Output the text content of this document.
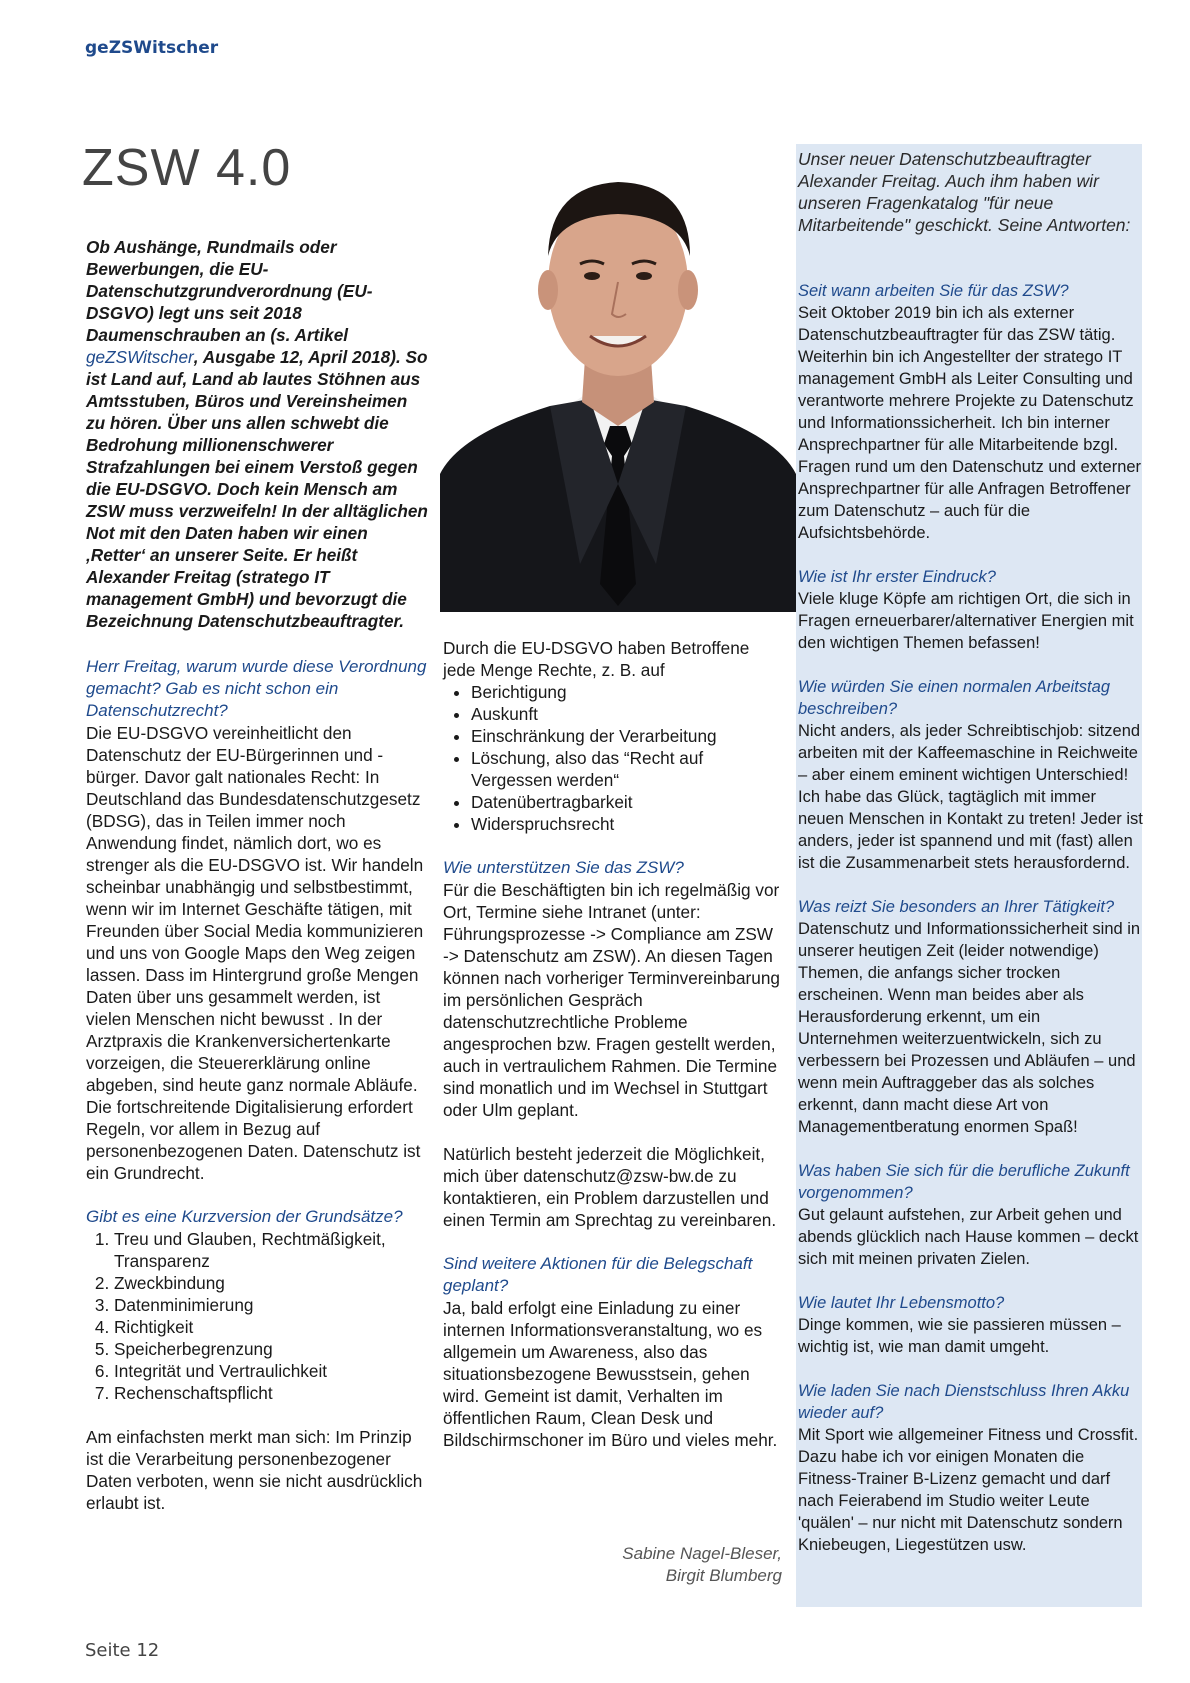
geZSWitscher
ZSW 4.0

Ob Aushänge, Rundmails oder Bewerbungen, die EU-Datenschutzgrundverordnung (EU-DSGVO) legt uns seit 2018 Daumenschrauben an (s. Artikel geZSWitscher, Ausgabe 12, April 2018). So ist Land auf, Land ab lautes Stöhnen aus Amtsstuben, Büros und Vereinsheimen zu hören. Über uns allen schwebt die Bedrohung millionenschwerer Strafzahlungen bei einem Verstoß gegen die EU-DSGVO. Doch kein Mensch am ZSW muss verzweifeln! In der alltäglichen Not mit den Daten haben wir einen ‚Retter‘ an unserer Seite. Er heißt Alexander Freitag (stratego IT management GmbH) und bevorzugt die Bezeichnung Datenschutzbeauftragter.

Herr Freitag, warum wurde diese Verordnung gemacht? Gab es nicht schon ein Datenschutzrecht?

Die EU-DSGVO vereinheitlicht den Datenschutz der EU-Bürgerinnen und -bürger. Davor galt nationales Recht: In Deutschland das Bundesdatenschutzgesetz (BDSG), das in Teilen immer noch Anwendung findet, nämlich dort, wo es strenger als die EU-DSGVO ist. Wir handeln scheinbar unabhängig und selbstbestimmt, wenn wir im Internet Geschäfte tätigen, mit Freunden über Social Media kommunizieren und uns von Google Maps den Weg zeigen lassen. Dass im Hintergrund große Mengen Daten über uns gesammelt werden, ist vielen Menschen nicht bewusst . In der Arztpraxis die Krankenversichertenkarte vorzeigen, die Steuererklärung online abgeben, sind heute ganz normale Abläufe. Die fortschreitende Digitalisierung erfordert Regeln, vor allem in Bezug auf personenbezogenen Daten. Datenschutz ist ein Grundrecht.

Gibt es eine Kurzversion der Grundsätze?

1. Treu und Glauben, Rechtmäßigkeit, Transparenz
2. Zweckbindung
3. Datenminimierung
4. Richtigkeit
5. Speicherbegrenzung
6. Integrität und Vertraulichkeit
7. Rechenschaftspflicht

Am einfachsten merkt man sich: Im Prinzip ist die Verarbeitung personenbezogener Daten verboten, wenn sie nicht ausdrücklich erlaubt ist.

Durch die EU-DSGVO haben Betroffene jede Menge Rechte, z. B. auf

• Berichtigung
• Auskunft
• Einschränkung der Verarbeitung
• Löschung, also das “Recht auf Vergessen werden“
• Datenübertragbarkeit
• Widerspruchsrecht

Wie unterstützen Sie das ZSW?

Für die Beschäftigten bin ich regelmäßig vor Ort, Termine siehe Intranet (unter: Führungsprozesse -> Compliance am ZSW -> Datenschutz am ZSW). An diesen Tagen können nach vorheriger Terminvereinbarung im persönlichen Gespräch datenschutzrechtliche Probleme angesprochen bzw. Fragen gestellt werden, auch in vertraulichem Rahmen. Die Termine sind monatlich und im Wechsel in Stuttgart oder Ulm geplant.

Natürlich besteht jederzeit die Möglichkeit, mich über datenschutz@zsw-bw.de zu kontaktieren, ein Problem darzustellen und einen Termin am Sprechtag zu vereinbaren.

Sind weitere Aktionen für die Belegschaft geplant?

Ja, bald erfolgt eine Einladung zu einer internen Informationsveranstaltung, wo es allgemein um Awareness, also das situationsbezogene Bewusstsein, gehen wird. Gemeint ist damit, Verhalten im öffentlichen Raum, Clean Desk und Bildschirmschoner im Büro und vieles mehr.

Sabine Nagel-Bleser,
Birgit Blumberg

Unser neuer Datenschutzbeauftragter Alexander Freitag. Auch ihm haben wir unseren Fragenkatalog "für neue Mitarbeitende" geschickt. Seine Antworten:

Seit wann arbeiten Sie für das ZSW?

Seit Oktober 2019 bin ich als externer Datenschutzbeauftragter für das ZSW tätig. Weiterhin bin ich Angestellter der stratego IT management GmbH als Leiter Consulting und verantworte mehrere Projekte zu Datenschutz und Informationssicherheit. Ich bin interner Ansprechpartner für alle Mitarbeitende bzgl. Fragen rund um den Datenschutz und externer Ansprechpartner für alle Anfragen Betroffener zum Datenschutz – auch für die Aufsichtsbehörde.

Wie ist Ihr erster Eindruck?

Viele kluge Köpfe am richtigen Ort, die sich in Fragen erneuerbarer/alternativer Energien mit den wichtigen Themen befassen!

Wie würden Sie einen normalen Arbeitstag beschreiben?

Nicht anders, als jeder Schreibtischjob: sitzend arbeiten mit der Kaffeemaschine in Reichweite – aber einem eminent wichtigen Unterschied! Ich habe das Glück, tagtäglich mit immer neuen Menschen in Kontakt zu treten! Jeder ist anders, jeder ist spannend und mit (fast) allen ist die Zusammenarbeit stets herausfordernd.

Was reizt Sie besonders an Ihrer Tätigkeit?

Datenschutz und Informationssicherheit sind in unserer heutigen Zeit (leider notwendige) Themen, die anfangs sicher trocken erscheinen. Wenn man beides aber als Herausforderung erkennt, um ein Unternehmen weiterzuentwickeln, sich zu verbessern bei Prozessen und Abläufen – und wenn mein Auftraggeber das als solches erkennt, dann macht diese Art von Managementberatung enormen Spaß!

Was haben Sie sich für die berufliche Zukunft vorgenommen?

Gut gelaunt aufstehen, zur Arbeit gehen und abends glücklich nach Hause kommen – deckt sich mit meinen privaten Zielen.

Wie lautet Ihr Lebensmotto?

Dinge kommen, wie sie passieren müssen – wichtig ist, wie man damit umgeht.

Wie laden Sie nach Dienstschluss Ihren Akku wieder auf?

Mit Sport wie allgemeiner Fitness und Crossfit. Dazu habe ich vor einigen Monaten die Fitness-Trainer B-Lizenz gemacht und darf nach Feierabend im Studio weiter Leute 'quälen' – nur nicht mit Datenschutz sondern Kniebeugen, Liegestützen usw.

Seite 12
